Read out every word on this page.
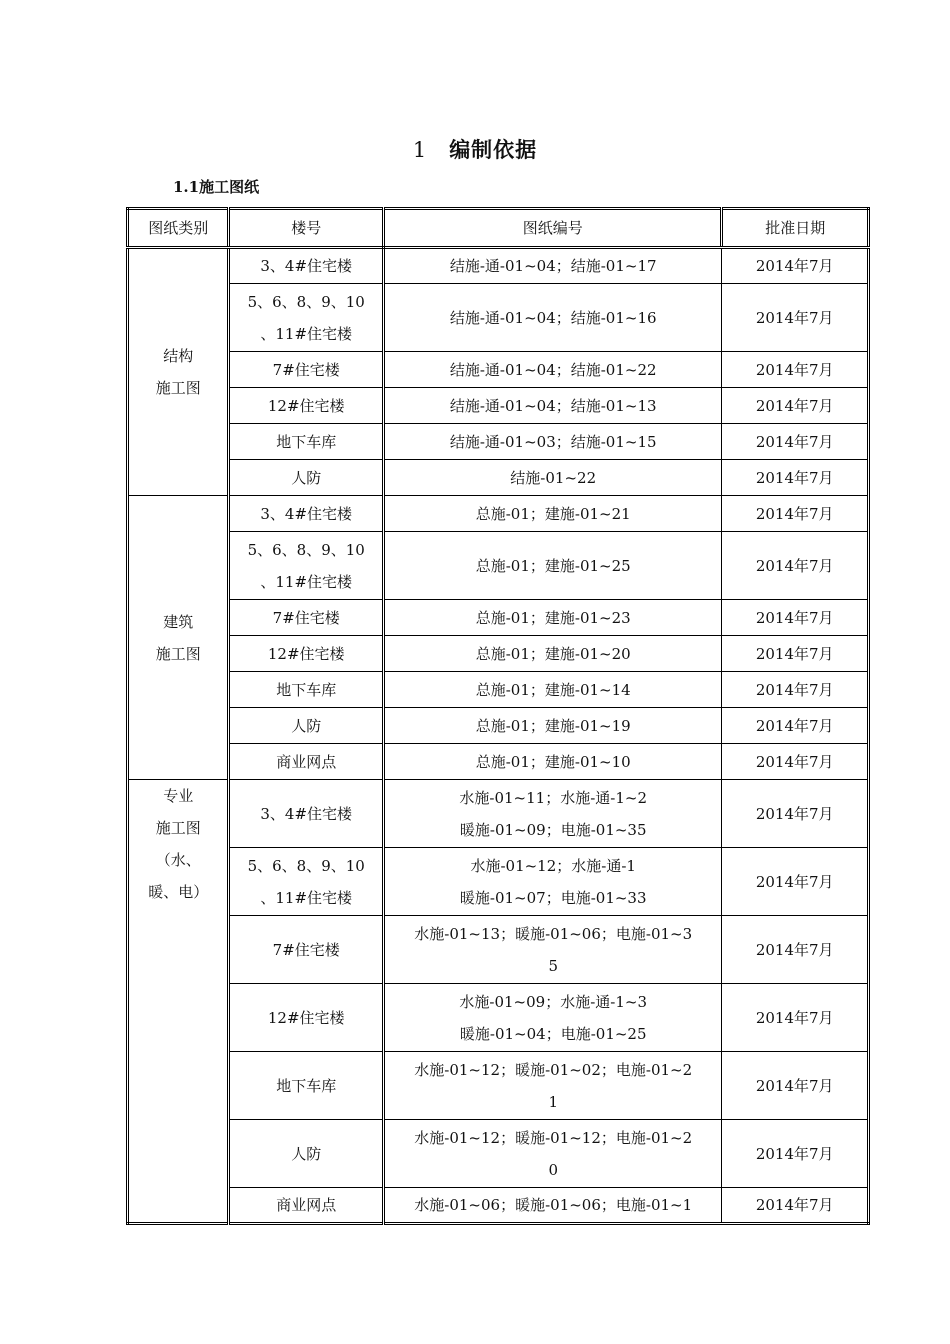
1 编制依据
1.1施工图纸
图纸类别	楼号	图纸编号	批准日期
结构
施工图	3、4#住宅楼	结施-通-01~04；结施-01~17	2014年7月
	5、6、8、9、10
、11#住宅楼	结施-通-01~04；结施-01~16	2014年7月
	7#住宅楼	结施-通-01~04；结施-01~22	2014年7月
	12#住宅楼	结施-通-01~04；结施-01~13	2014年7月
	地下车库	结施-通-01~03；结施-01~15	2014年7月
	人防	结施-01~22	2014年7月
建筑
施工图	3、4#住宅楼	总施-01；建施-01~21	2014年7月
	5、6、8、9、10
、11#住宅楼	总施-01；建施-01~25	2014年7月
	7#住宅楼	总施-01；建施-01~23	2014年7月
	12#住宅楼	总施-01；建施-01~20	2014年7月
	地下车库	总施-01；建施-01~14	2014年7月
	人防	总施-01；建施-01~19	2014年7月
	商业网点	总施-01；建施-01~10	2014年7月
专业
施工图
（水、
暖、电）	3、4#住宅楼	水施-01~11；水施-通-1~2
暖施-01~09；电施-01~35	2014年7月
	5、6、8、9、10
、11#住宅楼	水施-01~12；水施-通-1
暖施-01~07；电施-01~33	2014年7月
	7#住宅楼	水施-01~13；暖施-01~06；电施-01~3
5	2014年7月
	12#住宅楼	水施-01~09；水施-通-1~3
暖施-01~04；电施-01~25	2014年7月
	地下车库	水施-01~12；暖施-01~02；电施-01~2
1	2014年7月
	人防	水施-01~12；暖施-01~12；电施-01~2
0	2014年7月
	商业网点	水施-01~06；暖施-01~06；电施-01~1	2014年7月
